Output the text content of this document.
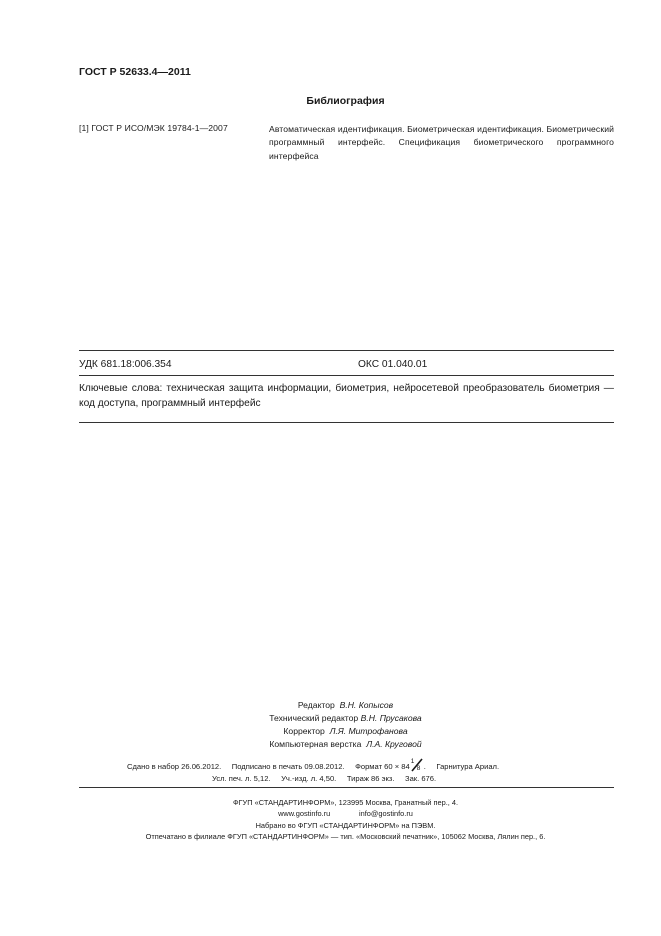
ГОСТ Р 52633.4—2011
Библиография
[1] ГОСТ Р ИСО/МЭК 19784-1—2007	Автоматическая идентификация. Биометрическая идентификация. Биометрический программный интерфейс. Спецификация биометрического программного интерфейса
УДК 681.18:006.354	ОКС 01.040.01
Ключевые слова: техническая защита информации, биометрия, нейросетевой преобразователь биометрия — код доступа, программный интерфейс
Редактор В.Н. Копысов
Технический редактор В.Н. Прусакова
Корректор Л.Я. Митрофанова
Компьютерная верстка Л.А. Круговой
Сдано в набор 26.06.2012.     Подписано в печать 09.08.2012.     Формат 60 × 84
1
8 .     Гарнитура Ариал.
Усл. печ. л. 5,12.     Уч.-изд. л. 4,50.     Тираж 86 экз.     Зак. 676.
ФГУП «СТАНДАРТИНФОРМ», 123995 Москва, Гранатный пер., 4.
www.gostinfo.ru	info@gostinfo.ru
Набрано во ФГУП «СТАНДАРТИНФОРМ» на ПЭВМ.
Отпечатано в филиале ФГУП «СТАНДАРТИНФОРМ» — тип. «Московский печатник», 105062 Москва, Лялин пер., 6.
